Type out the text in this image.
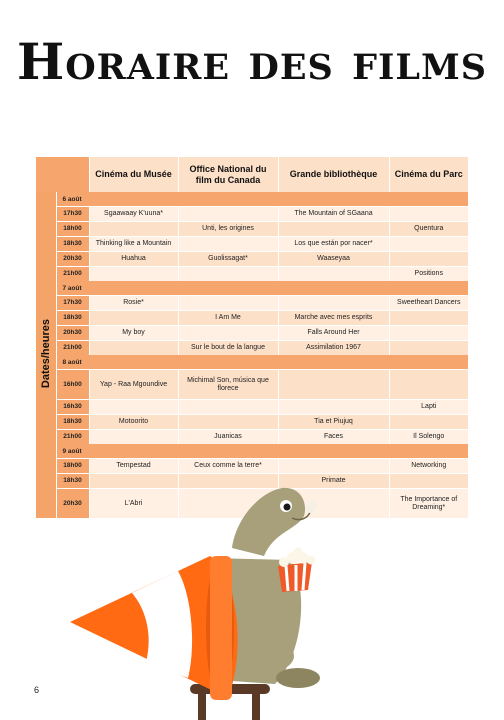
Horaire des films
		Cinéma du Musée	Office National du film du Canada	Grande bibliothèque	Cinéma du Parc
Dates/heures	6 août				
	17h30	Sgaawaay K'uuna*		The Mountain of SGaana	
	18h00		Unti, les origines		Quentura
	18h30	Thinking like a Mountain		Los que están por nacer*	
	20h30	Huahua	Guolissagat*	Waaseyaa	
	21h00				Positions
	7 août				
	17h30	Rosie*			Sweetheart Dancers
	18h30		I Am Me	Marche avec mes esprits	
	20h30	My boy		Falls Around Her	
	21h00		Sur le bout de la langue	Assimilation 1967	
	8 août				
	16h00	Yap - Raa Mgoundive	Michimal Son, música que florece		
	16h30				Lapti
	18h30	Motoorito		Tia et Piujuq	
	21h00		Juanicas	Faces	Il Solengo
	9 août				
	18h00	Tempestad	Ceux comme la terre*		Networking
	18h30			Primate	
	20h30	L'Abri			The Importance of Dreaming*
6
